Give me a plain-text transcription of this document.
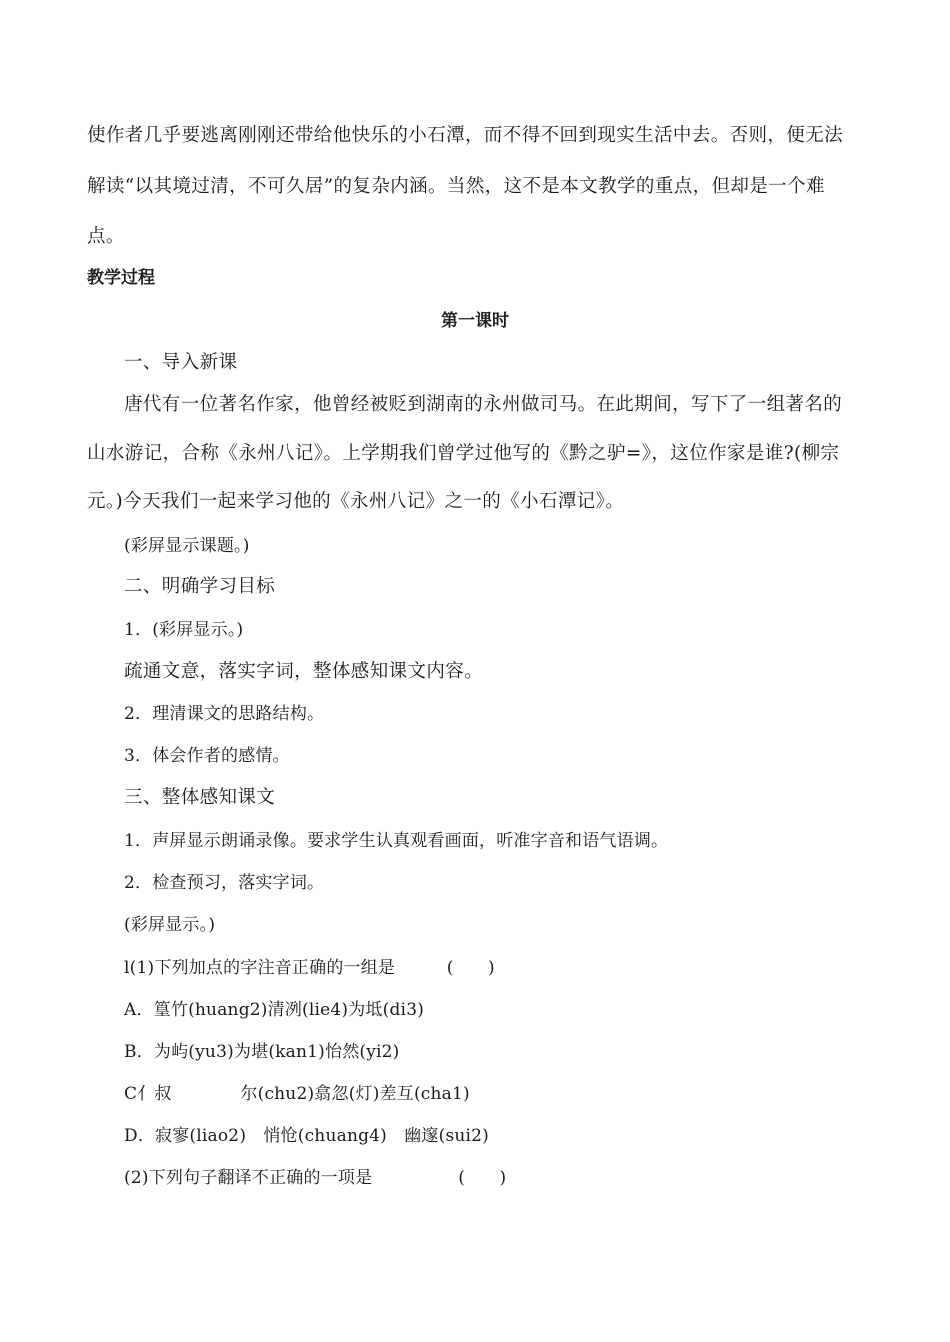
使作者几乎要逃离刚刚还带给他快乐的小石潭，而不得不回到现实生活中去。否则，便无法
解读“以其境过清，不可久居”的复杂内涵。当然，这不是本文教学的重点，但却是一个难
点。
教学过程
第一课时
一、导入新课
唐代有一位著名作家，他曾经被贬到湖南的永州做司马。在此期间，写下了一组著名的
山水游记，合称《永州八记》。上学期我们曾学过他写的《黔之驴=》，这位作家是谁?(柳宗
元。)今天我们一起来学习他的《永州八记》之一的《小石潭记》。
(彩屏显示课题。)
二、明确学习目标
1．(彩屏显示。)
疏通文意，落实字词，整体感知课文内容。
2．理清课文的思路结构。
3．体会作者的感情。
三、整体感知课文
1．声屏显示朗诵录像。要求学生认真观看画面，听准字音和语气语调。
2．检查预习，落实字词。
(彩屏显示。)
l(1)下列加点的字注音正确的一组是　　　(　　)
A．篁竹(huang2)清冽(lie4)为坻(di3)
B．为屿(yu3)为堪(kan1)怡然(yi2)
C亻叔　　　　尔(chu2)翕忽(灯)差互(cha1)
D．寂寥(liao2)　悄怆(chuang4)　幽邃(sui2)
(2)下列句子翻译不正确的一项是　　　　　(　　)
